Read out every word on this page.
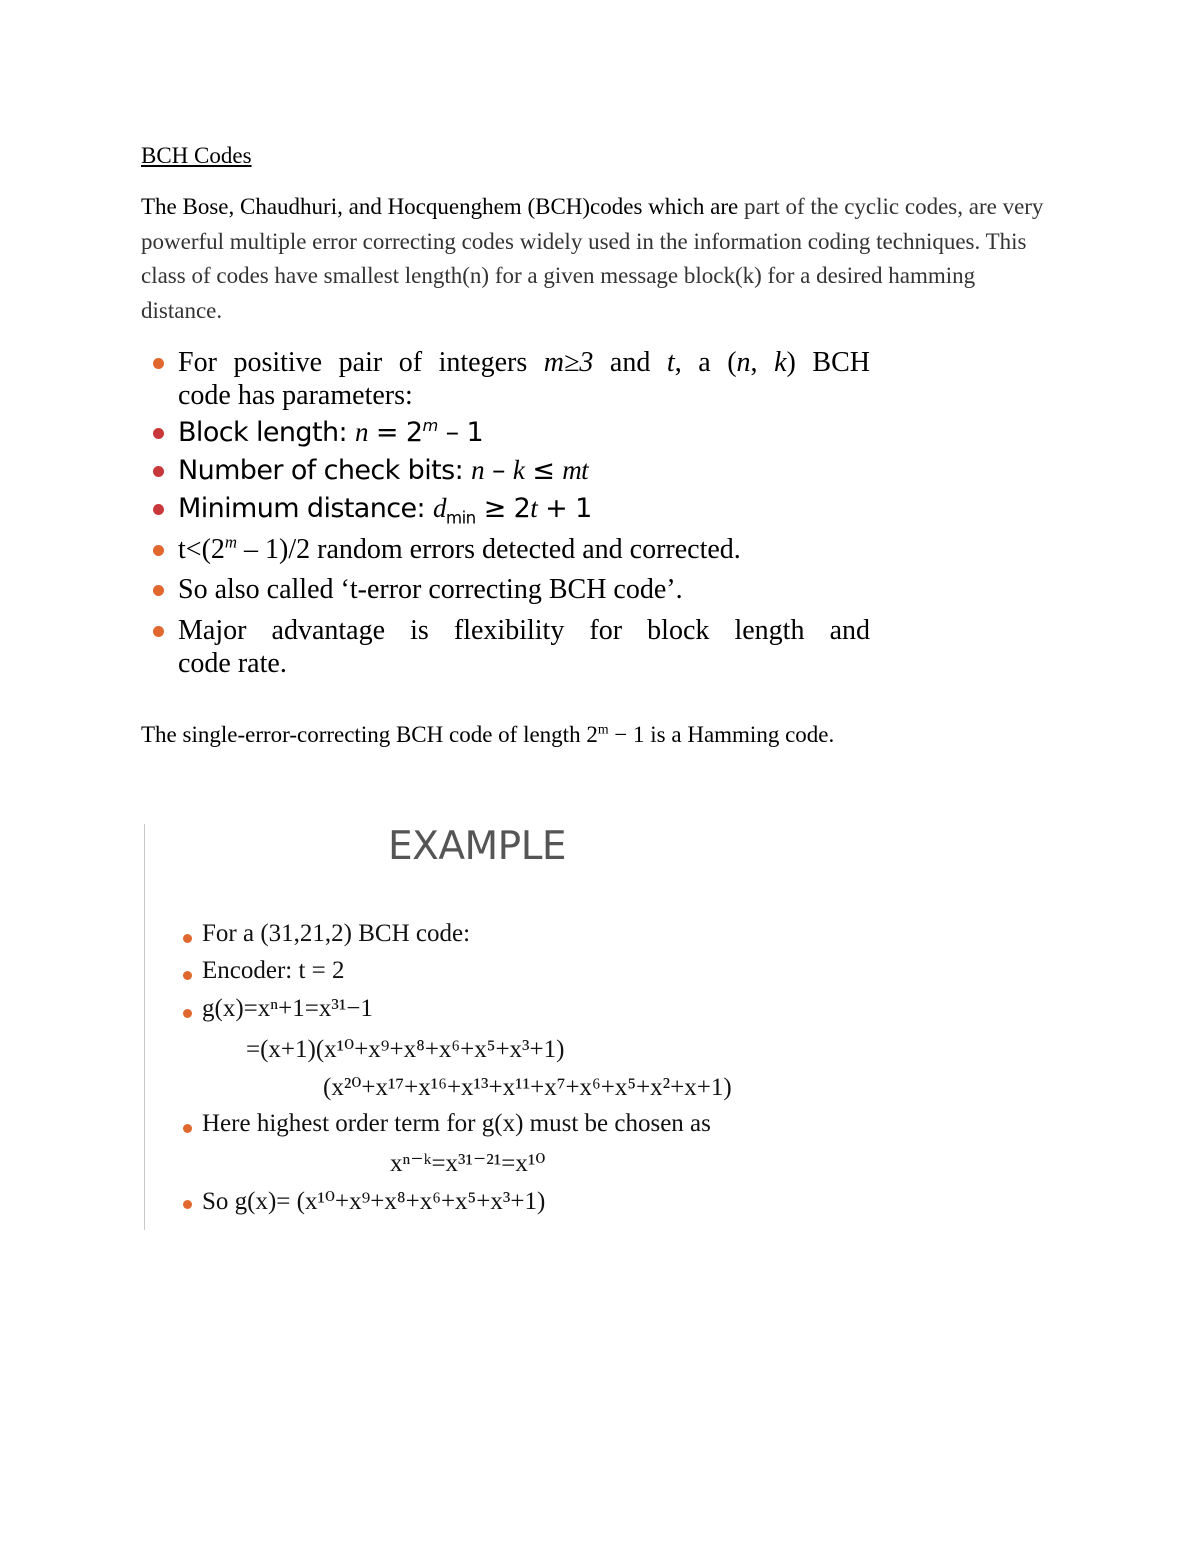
BCH Codes
The Bose, Chaudhuri, and Hocquenghem (BCH)codes which are part of the cyclic codes, are very powerful multiple error correcting codes widely used in the information coding techniques. This class of codes have smallest length(n) for a given message block(k) for a desired hamming distance.
For positive pair of integers m≥3 and t, a (n, k) BCH
code has parameters:
Block length: $n = 2^m - 1$
Number of check bits: n – k ≤ mt
Minimum distance: $d_{min} \ge 2t + 1$
$t<(2^m - 1)/2$ random errors detected and corrected.
So also called ‘t-error correcting BCH code’.
Major advantage is flexibility for block length and
code rate.
The single-error-correcting BCH code of length $2^m - 1$ is a Hamming code.
EXAMPLE
For a (31,21,2) BCH code:
Encoder: t = 2
g(x)=xⁿ+1=x³¹−1
=(x+1)(x¹⁰+x⁹+x⁸+x⁶+x⁵+x³+1)
(x²⁰+x¹⁷+x¹⁶+x¹³+x¹¹+x⁷+x⁶+x⁵+x²+x+1)
Here highest order term for g(x) must be chosen as
xⁿ⁻ᵏ=x³¹⁻²¹=x¹⁰
So g(x)= (x¹⁰+x⁹+x⁸+x⁶+x⁵+x³+1)
